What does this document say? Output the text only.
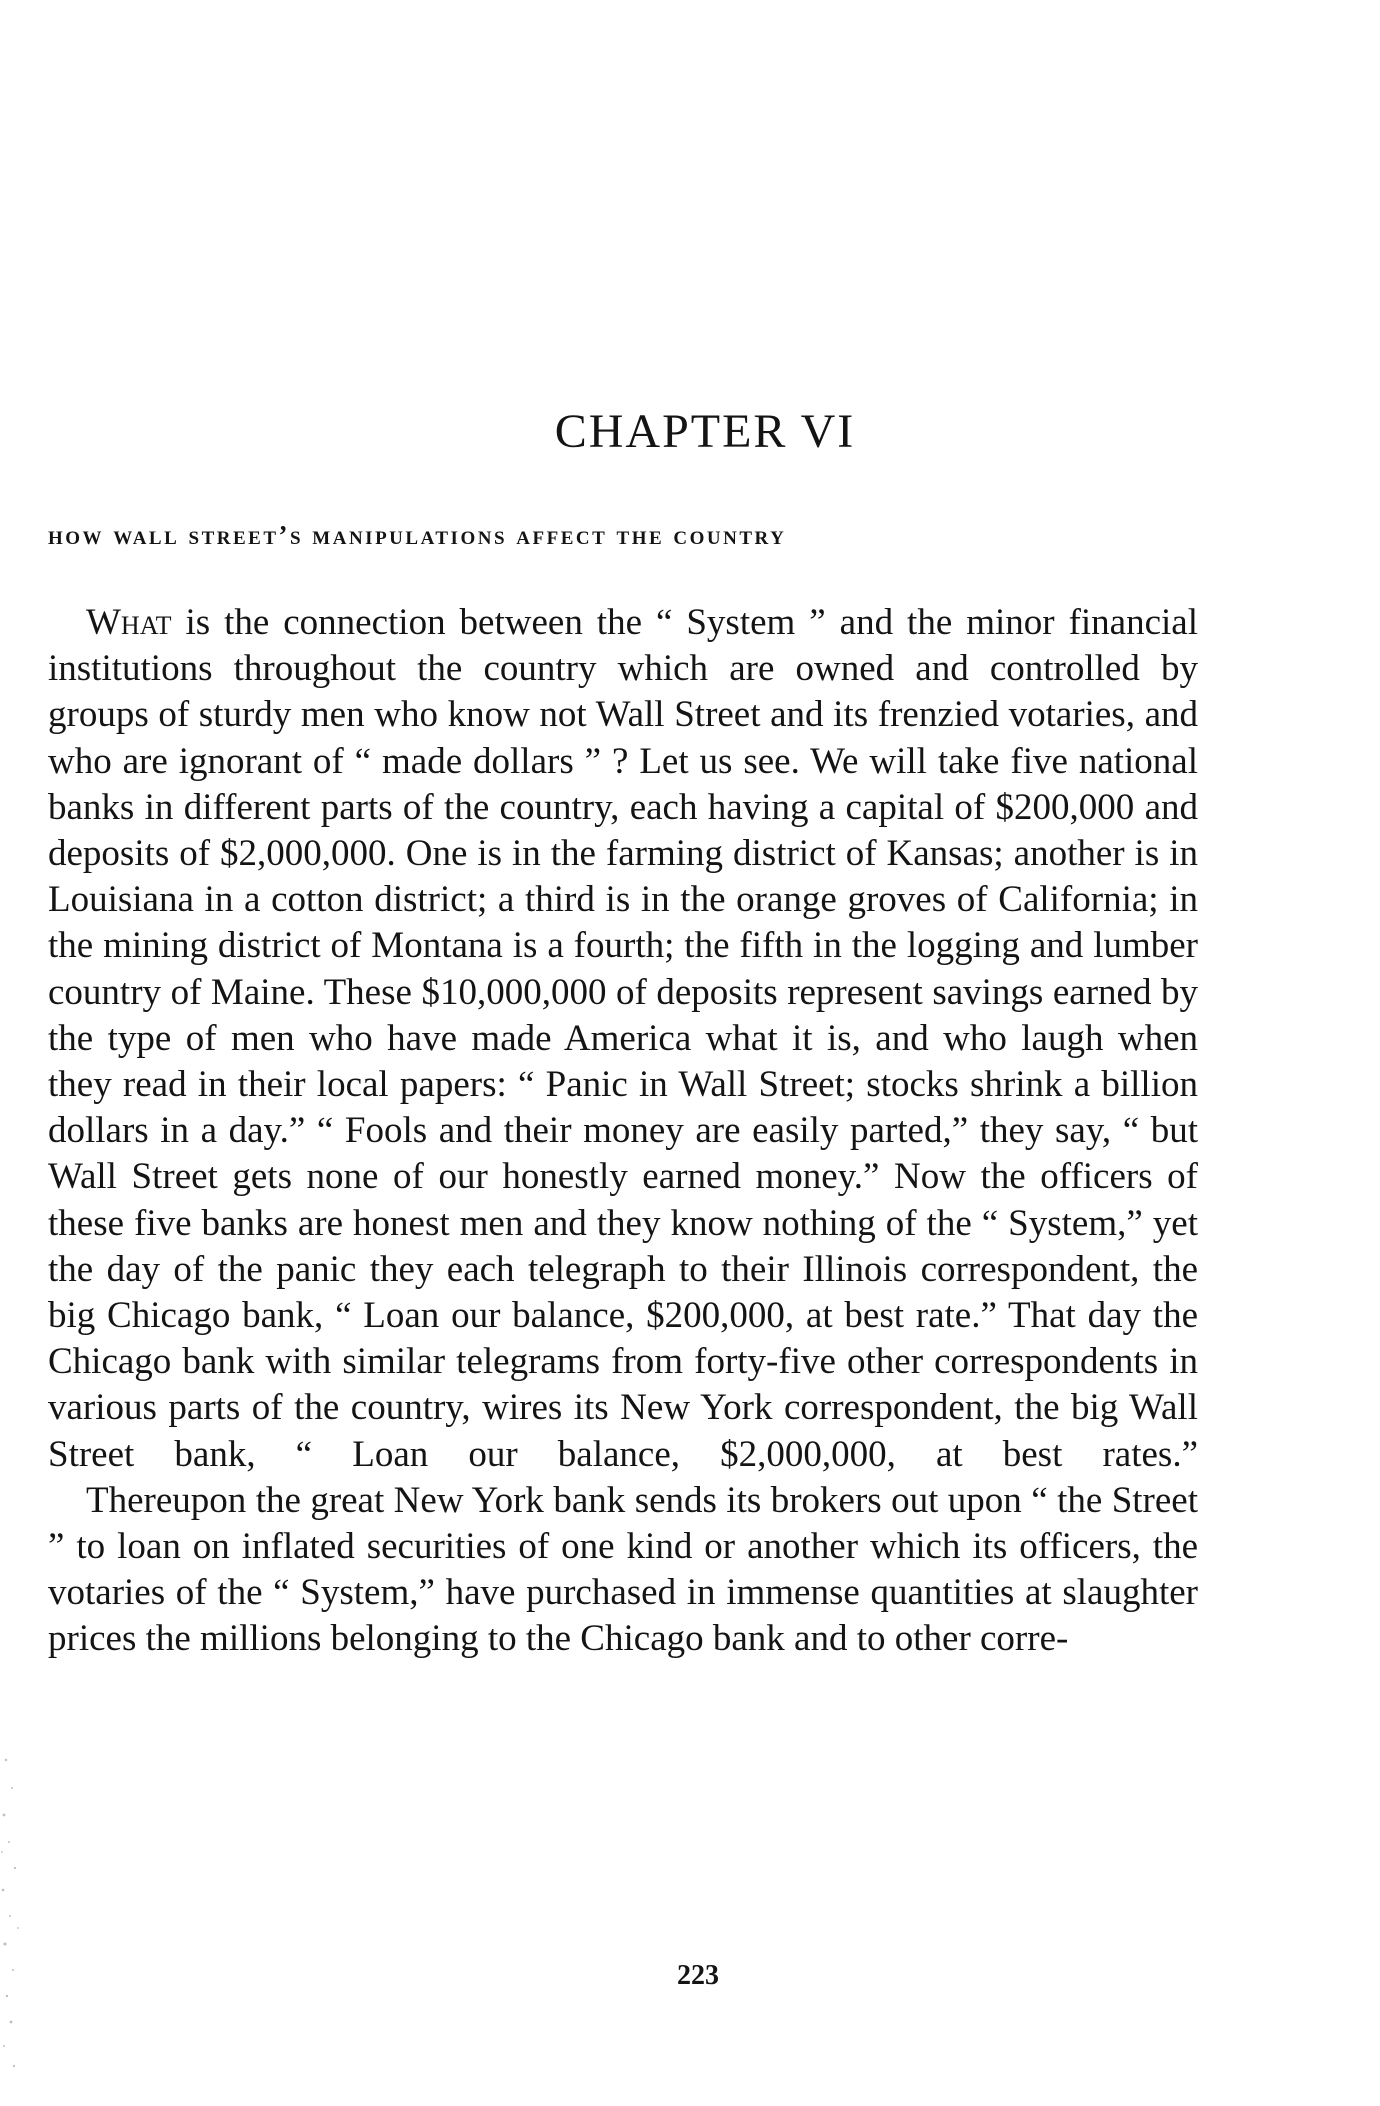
CHAPTER VI
how wall street’s manipulations affect the country

What is the connection between the “ System ” and the minor financial institutions throughout the country which are owned and controlled by groups of sturdy men who know not Wall Street and its frenzied votaries, and who are ignorant of “ made dollars ” ? Let us see. We will take five national banks in different parts of the country, each having a capital of $200,000 and deposits of $2,000,000. One is in the farming district of Kansas; another is in Louisiana in a cotton district; a third is in the orange groves of California; in the mining district of Montana is a fourth; the fifth in the logging and lumber country of Maine. These $10,000,000 of deposits represent savings earned by the type of men who have made America what it is, and who laugh when they read in their local papers: “ Panic in Wall Street; stocks shrink a billion dollars in a day.” “ Fools and their money are easily parted,” they say, “ but Wall Street gets none of our honestly earned money.” Now the officers of these five banks are honest men and they know nothing of the “ System,” yet the day of the panic they each telegraph to their Illinois correspondent, the big Chicago bank, “ Loan our balance, $200,000, at best rate.” That day the Chicago bank with similar telegrams from forty-five other correspondents in various parts of the country, wires its New York correspondent, the big Wall Street bank, “ Loan our balance, $2,000,000, at best rates.”

Thereupon the great New York bank sends its brokers out upon “ the Street ” to loan on inflated securities of one kind or another which its officers, the votaries of the “ System,” have purchased in immense quantities at slaughter prices the millions belonging to the Chicago bank and to other corre-

223
